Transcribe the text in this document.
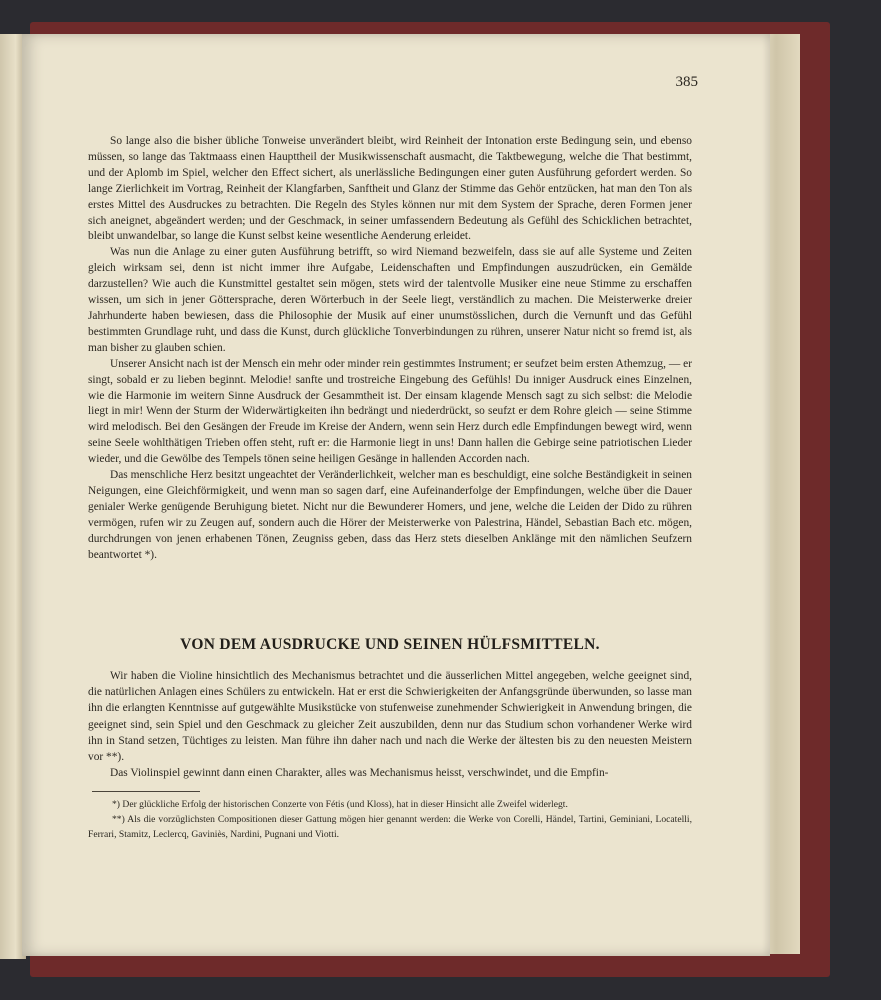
385

So lange also die bisher übliche Tonweise unverändert bleibt, wird Reinheit der Intonation erste Bedingung sein, und ebenso müssen, so lange das Taktmaass einen Haupttheil der Musikwissenschaft ausmacht, die Taktbewegung, welche die That bestimmt, und der Aplomb im Spiel, welcher den Effect sichert, als unerlässliche Bedingungen einer guten Ausführung gefordert werden. So lange Zierlichkeit im Vortrag, Reinheit der Klangfarben, Sanftheit und Glanz der Stimme das Gehör entzücken, hat man den Ton als erstes Mittel des Ausdruckes zu betrachten. Die Regeln des Styles können nur mit dem System der Sprache, deren Formen jener sich aneignet, abgeändert werden; und der Geschmack, in seiner umfassendern Bedeutung als Gefühl des Schicklichen betrachtet, bleibt unwandelbar, so lange die Kunst selbst keine wesentliche Aenderung erleidet.

Was nun die Anlage zu einer guten Ausführung betrifft, so wird Niemand bezweifeln, dass sie auf alle Systeme und Zeiten gleich wirksam sei, denn ist nicht immer ihre Aufgabe, Leidenschaften und Empfindungen auszudrücken, ein Gemälde darzustellen? Wie auch die Kunstmittel gestaltet sein mögen, stets wird der talentvolle Musiker eine neue Stimme zu erschaffen wissen, um sich in jener Göttersprache, deren Wörterbuch in der Seele liegt, verständlich zu machen. Die Meisterwerke dreier Jahrhunderte haben bewiesen, dass die Philosophie der Musik auf einer unumstösslichen, durch die Vernunft und das Gefühl bestimmten Grundlage ruht, und dass die Kunst, durch glückliche Tonverbindungen zu rühren, unserer Natur nicht so fremd ist, als man bisher zu glauben schien.

Unserer Ansicht nach ist der Mensch ein mehr oder minder rein gestimmtes Instrument; er seufzet beim ersten Athemzug, — er singt, sobald er zu lieben beginnt. Melodie! sanfte und trostreiche Eingebung des Gefühls! Du inniger Ausdruck eines Einzelnen, wie die Harmonie im weitern Sinne Ausdruck der Gesammtheit ist. Der einsam klagende Mensch sagt zu sich selbst: die Melodie liegt in mir! Wenn der Sturm der Widerwärtigkeiten ihn bedrängt und niederdrückt, so seufzt er dem Rohre gleich — seine Stimme wird melodisch. Bei den Gesängen der Freude im Kreise der Andern, wenn sein Herz durch edle Empfindungen bewegt wird, wenn seine Seele wohlthätigen Trieben offen steht, ruft er: die Harmonie liegt in uns! Dann hallen die Gebirge seine patriotischen Lieder wieder, und die Gewölbe des Tempels tönen seine heiligen Gesänge in hallenden Accorden nach.

Das menschliche Herz besitzt ungeachtet der Veränderlichkeit, welcher man es beschuldigt, eine solche Beständigkeit in seinen Neigungen, eine Gleichförmigkeit, und wenn man so sagen darf, eine Aufeinanderfolge der Empfindungen, welche über die Dauer genialer Werke genügende Beruhigung bietet. Nicht nur die Bewunderer Homers, und jene, welche die Leiden der Dido zu rühren vermögen, rufen wir zu Zeugen auf, sondern auch die Hörer der Meisterwerke von Palestrina, Händel, Sebastian Bach etc. mögen, durchdrungen von jenen erhabenen Tönen, Zeugniss geben, dass das Herz stets dieselben Anklänge mit den nämlichen Seufzern beantwortet *).

VON DEM AUSDRUCKE UND SEINEN HÜLFSMITTELN.

Wir haben die Violine hinsichtlich des Mechanismus betrachtet und die äusserlichen Mittel angegeben, welche geeignet sind, die natürlichen Anlagen eines Schülers zu entwickeln. Hat er erst die Schwierigkeiten der Anfangsgründe überwunden, so lasse man ihn die erlangten Kenntnisse auf gutgewählte Musikstücke von stufenweise zunehmender Schwierigkeit in Anwendung bringen, die geeignet sind, sein Spiel und den Geschmack zu gleicher Zeit auszubilden, denn nur das Studium schon vorhandener Werke wird ihn in Stand setzen, Tüchtiges zu leisten. Man führe ihn daher nach und nach die Werke der ältesten bis zu den neuesten Meistern vor **).

Das Violinspiel gewinnt dann einen Charakter, alles was Mechanismus heisst, verschwindet, und die Empfin-

*) Der glückliche Erfolg der historischen Conzerte von Fétis (und Kloss), hat in dieser Hinsicht alle Zweifel widerlegt.

**) Als die vorzüglichsten Compositionen dieser Gattung mögen hier genannt werden: die Werke von Corelli, Händel, Tartini, Geminiani, Locatelli, Ferrari, Stamitz, Leclercq, Gaviniès, Nardini, Pugnani und Viotti.
